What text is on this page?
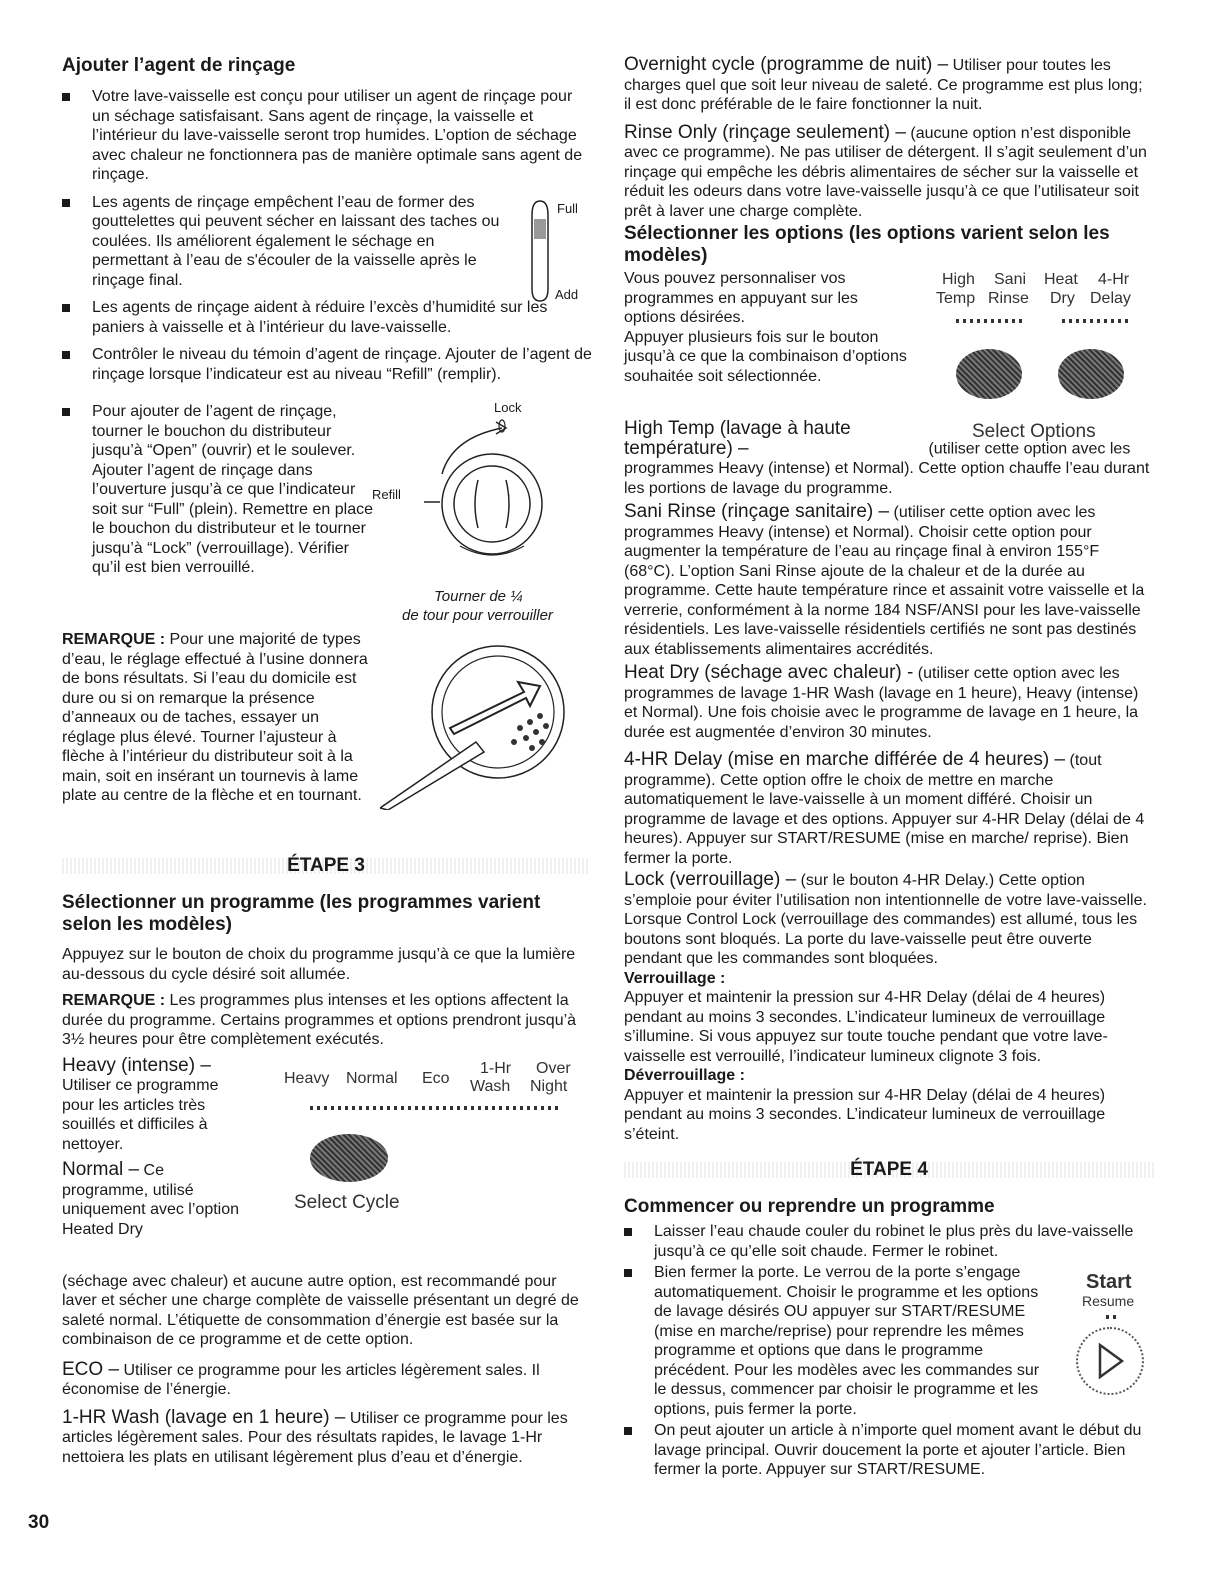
Ajouter l’agent de rinçage

Votre lave-vaisselle est conçu pour utiliser un agent de rinçage pour un séchage satisfaisant. Sans agent de rinçage, la vaisselle et l’intérieur du lave-vaisselle seront trop humides. L’option de séchage avec chaleur ne fonctionnera pas de manière optimale sans agent de rinçage.
Les agents de rinçage empêchent l’eau de former des gouttelettes qui peuvent sécher en laissant des taches ou coulées. Ils améliorent également le séchage en permettant à l’eau de s'écouler de la vaisselle après le rinçage final.
Full
Add
Les agents de rinçage aident à réduire l’excès d’humidité sur les paniers à vaisselle et à l’intérieur du lave-vaisselle.
Contrôler le niveau du témoin d’agent de rinçage. Ajouter de l’agent de rinçage lorsque l’indicateur est au niveau “Refill” (remplir).
Pour ajouter de l’agent de rinçage, tourner le bouchon du distributeur jusqu’à “Open” (ouvrir) et le soulever. Ajouter l’agent de rinçage dans l’ouverture jusqu’à ce que l’indicateur soit sur “Full” (plein). Remettre en place le bouchon du distributeur et le tourner jusqu’à “Lock” (verrouillage). Vérifier qu’il est bien verrouillé.
Lock
Refill
Tourner de ¼
de tour pour verrouiller

REMARQUE : Pour une majorité de types d’eau, le réglage effectué à l’usine donnera de bons résultats. Si l’eau du domicile est dure ou si on remarque la présence d’anneaux ou de taches, essayer un réglage plus élevé. Tourner l’ajusteur à flèche à l’intérieur du distributeur soit à la main, soit en insérant un tournevis à lame plate au centre de la flèche et en tournant.

ÉTAPE 3

Sélectionner un programme (les programmes varient selon les modèles)

Appuyez sur le bouton de choix du programme jusqu’à ce que la lumière au-dessous du cycle désiré soit allumée.

REMARQUE : Les programmes plus intenses et les options affectent la durée du programme. Certains programmes et options prendront jusqu’à 3½ heures pour être complètement exécutés.

Heavy (intense) –
Utiliser ce programme pour les articles très souillés et difficiles à nettoyer.

Normal – Ce programme, utilisé uniquement avec l’option Heated Dry

Heavy Normal Eco
1-Hr
Wash
Over
Night
Select Cycle

(séchage avec chaleur) et aucune autre option, est recommandé pour laver et sécher une charge complète de vaisselle présentant un degré de saleté normal. L’étiquette de consommation d’énergie est basée sur la combinaison de ce programme et de cette option.

ECO – Utiliser ce programme pour les articles légèrement sales. Il économise de l’énergie.

1-HR Wash (lavage en 1 heure) – Utiliser ce programme pour les articles légèrement sales. Pour des résultats rapides, le lavage 1-Hr nettoiera les plats en utilisant légèrement plus d’eau et d’énergie.

Overnight cycle (programme de nuit) – Utiliser pour toutes les charges quel que soit leur niveau de saleté. Ce programme est plus long; il est donc préférable de le faire fonctionner la nuit.

Rinse Only (rinçage seulement) – (aucune option n’est disponible avec ce programme). Ne pas utiliser de détergent. Il s’agit seulement d’un rinçage qui empêche les débris alimentaires de sécher sur la vaisselle et réduit les odeurs dans votre lave-vaisselle jusqu’à ce que l’utilisateur soit prêt à laver une charge complète.

Sélectionner les options (les options varient selon les modèles)

Vous pouvez personnaliser vos programmes en appuyant sur les options désirées.

Appuyer plusieurs fois sur le bouton jusqu’à ce que la combinaison d’options souhaitée soit sélectionnée.

High Sani Heat 4-Hr
Temp Rinse Dry Delay
Select Options

High Temp (lavage à haute température) –	(utiliser cette option avec les programmes Heavy (intense) et Normal). Cette option chauffe l’eau durant les portions de lavage du programme.

Sani Rinse (rinçage sanitaire) – (utiliser cette option avec les programmes Heavy (intense) et Normal). Choisir cette option pour augmenter la température de l’eau au rinçage final à environ 155°F (68°C). L’option Sani Rinse ajoute de la chaleur et de la durée au programme. Cette haute température rince et assainit votre vaisselle et la verrerie, conformément à la norme 184 NSF/ANSI pour les lave-vaisselle résidentiels. Les lave-vaisselle résidentiels certifiés ne sont pas destinés aux établissements alimentaires accrédités.

Heat Dry (séchage avec chaleur) - (utiliser cette option avec les programmes de lavage 1-HR Wash (lavage en 1 heure), Heavy (intense) et Normal). Une fois choisie avec le programme de lavage en 1 heure, la durée est augmentée d’environ 30 minutes.

4-HR Delay (mise en marche différée de 4 heures) – (tout programme). Cette option offre le choix de mettre en marche automatiquement le lave-vaisselle à un moment différé. Choisir un programme de lavage et des options. Appuyer sur 4-HR Delay (délai de 4 heures). Appuyer sur START/RESUME (mise en marche/ reprise). Bien fermer la porte.

Lock (verrouillage) – (sur le bouton 4-HR Delay.) Cette option s’emploie pour éviter l’utilisation non intentionnelle de votre lave-vaisselle. Lorsque Control Lock (verrouillage des commandes) est allumé, tous les boutons sont bloqués. La porte du lave-vaisselle peut être ouverte pendant que les commandes sont bloquées.

Verrouillage :

Appuyer et maintenir la pression sur 4-HR Delay (délai de 4 heures) pendant au moins 3 secondes. L’indicateur lumineux de verrouillage s’illumine. Si vous appuyez sur toute touche pendant que votre lave-vaisselle est verrouillé, l’indicateur lumineux clignote 3 fois.

Déverrouillage :

Appuyer et maintenir la pression sur 4-HR Delay (délai de 4 heures) pendant au moins 3 secondes. L’indicateur lumineux de verrouillage s’éteint.

ÉTAPE 4

Commencer ou reprendre un programme

Laisser l’eau chaude couler du robinet le plus près du lave-vaisselle jusqu’à ce qu’elle soit chaude. Fermer le robinet.
Bien fermer la porte. Le verrou de la porte s’engage automatiquement. Choisir le programme et les options de lavage désirés OU appuyer sur START/RESUME (mise en marche/reprise) pour reprendre les mêmes programme et options que dans le programme précédent. Pour les modèles avec les commandes sur le dessus, commencer par choisir le programme et les options, puis fermer la porte.
Start
Resume
On peut ajouter un article à n’importe quel moment avant le début du lavage principal. Ouvrir doucement la porte et ajouter l’article. Bien fermer la porte. Appuyer sur START/RESUME.
30
